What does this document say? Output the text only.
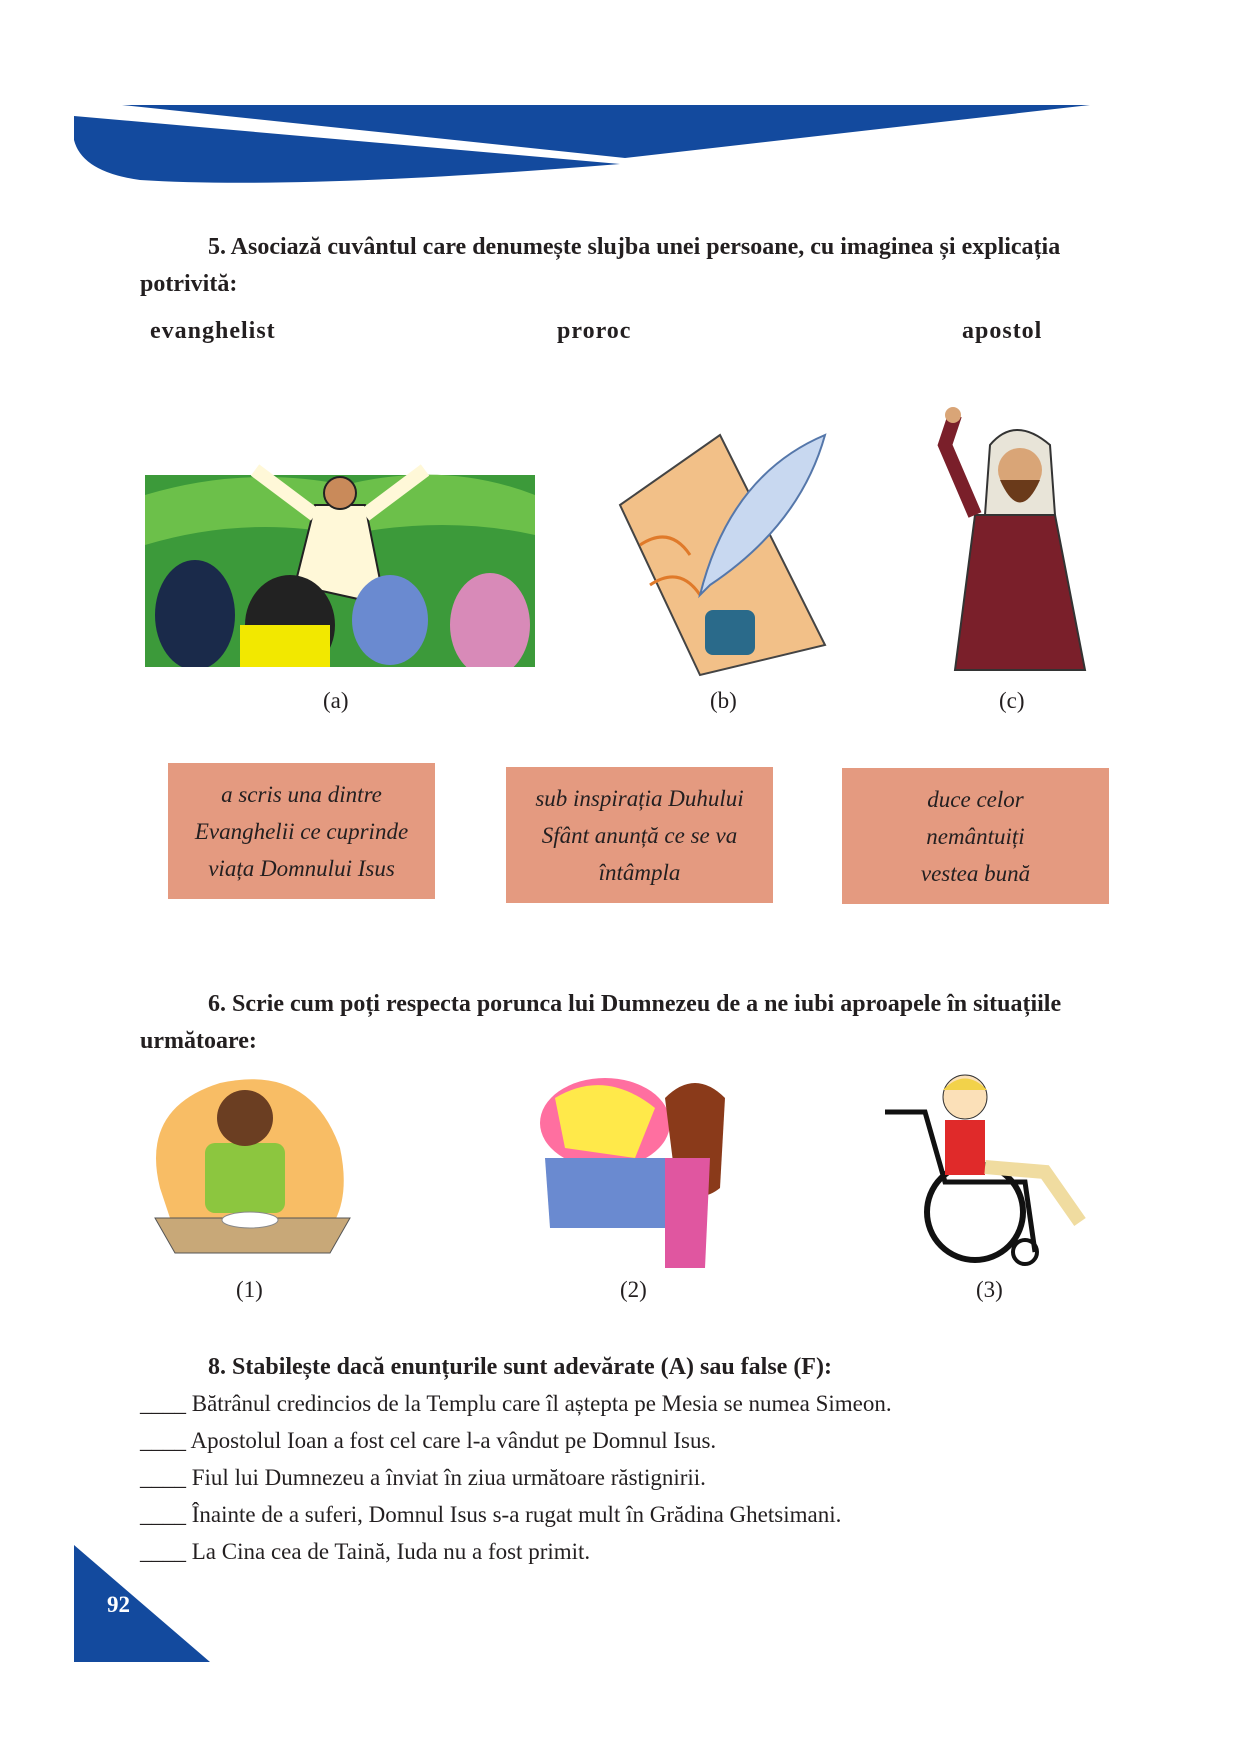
5. Asociază cuvântul care denumește slujba unei persoane, cu imaginea și explicația
potrivită:
evanghelist	proroc	apostol
(a)	(b)	(c)
a scris una dintre
Evanghelii ce cuprinde
viața Domnului Isus
sub inspirația Duhului
Sfânt anunță ce se va
întâmpla
duce celor
nemântuiți
vestea bună
6. Scrie cum poți respecta porunca lui Dumnezeu de a ne iubi aproapele în situațiile
următoare:
(1)	(2)	(3)
8. Stabilește dacă enunțurile sunt adevărate (A) sau false (F):
____ Bătrânul credincios de la Templu care îl aștepta pe Mesia se numea Simeon.
____ Apostolul Ioan a fost cel care l-a vândut pe Domnul Isus.
____ Fiul lui Dumnezeu a înviat în ziua următoare răstignirii.
____ Înainte de a suferi, Domnul Isus s-a rugat mult în Grădina Ghetsimani.
____ La Cina cea de Taină, Iuda nu a fost primit.
92
